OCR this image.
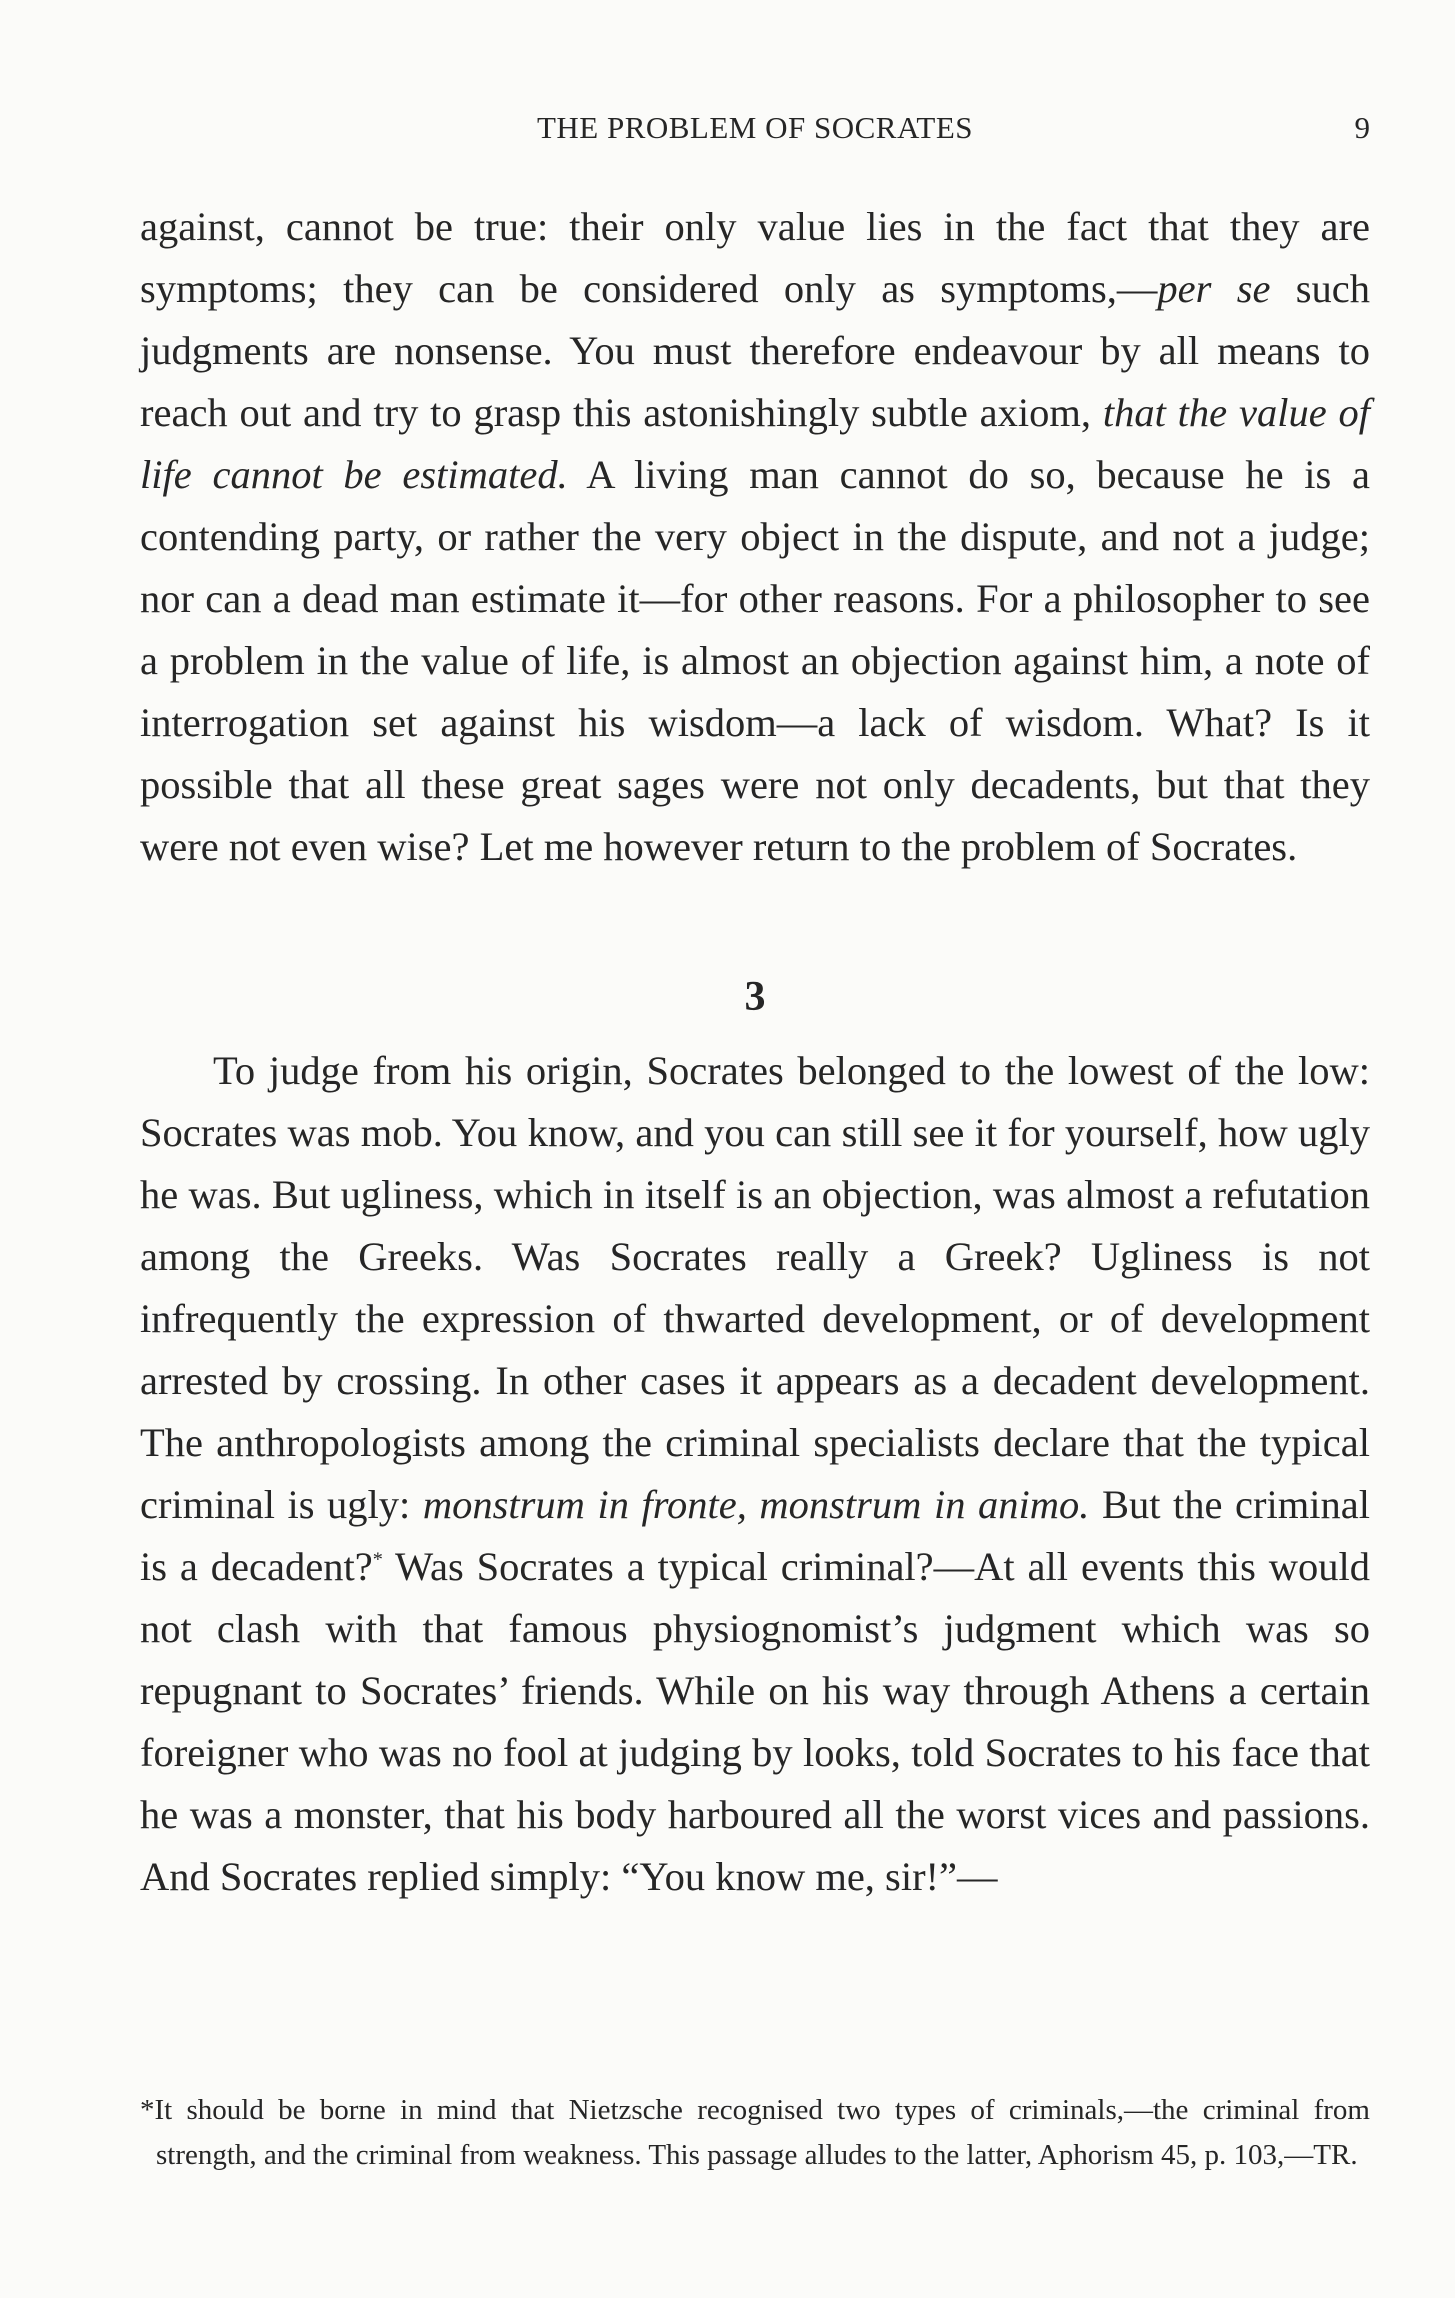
THE PROBLEM OF SOCRATES	9

against, cannot be true: their only value lies in the fact that they are symptoms; they can be considered only as symptoms,—per se such judgments are nonsense. You must therefore endeavour by all means to reach out and try to grasp this astonishingly subtle axiom, that the value of life cannot be estimated. A living man cannot do so, because he is a contending party, or rather the very object in the dispute, and not a judge; nor can a dead man estimate it—for other reasons. For a philosopher to see a problem in the value of life, is almost an objection against him, a note of interrogation set against his wisdom—a lack of wisdom. What? Is it possible that all these great sages were not only decadents, but that they were not even wise? Let me however return to the problem of Socrates.

3

To judge from his origin, Socrates belonged to the lowest of the low: Socrates was mob. You know, and you can still see it for yourself, how ugly he was. But ugliness, which in itself is an objection, was almost a refutation among the Greeks. Was Socrates really a Greek? Ugliness is not infrequently the expression of thwarted development, or of development arrested by crossing. In other cases it appears as a decadent development. The anthropologists among the criminal specialists declare that the typical criminal is ugly: monstrum in fronte, monstrum in animo. But the criminal is a decadent?* Was Socrates a typical criminal?—At all events this would not clash with that famous physiognomist’s judgment which was so repugnant to Socrates’ friends. While on his way through Athens a certain foreigner who was no fool at judging by looks, told Socrates to his face that he was a monster, that his body harboured all the worst vices and passions. And Socrates replied simply: “You know me, sir!”—

*It should be borne in mind that Nietzsche recognised two types of criminals,—the criminal from strength, and the criminal from weakness. This passage alludes to the latter, Aphorism 45, p. 103,—TR.
